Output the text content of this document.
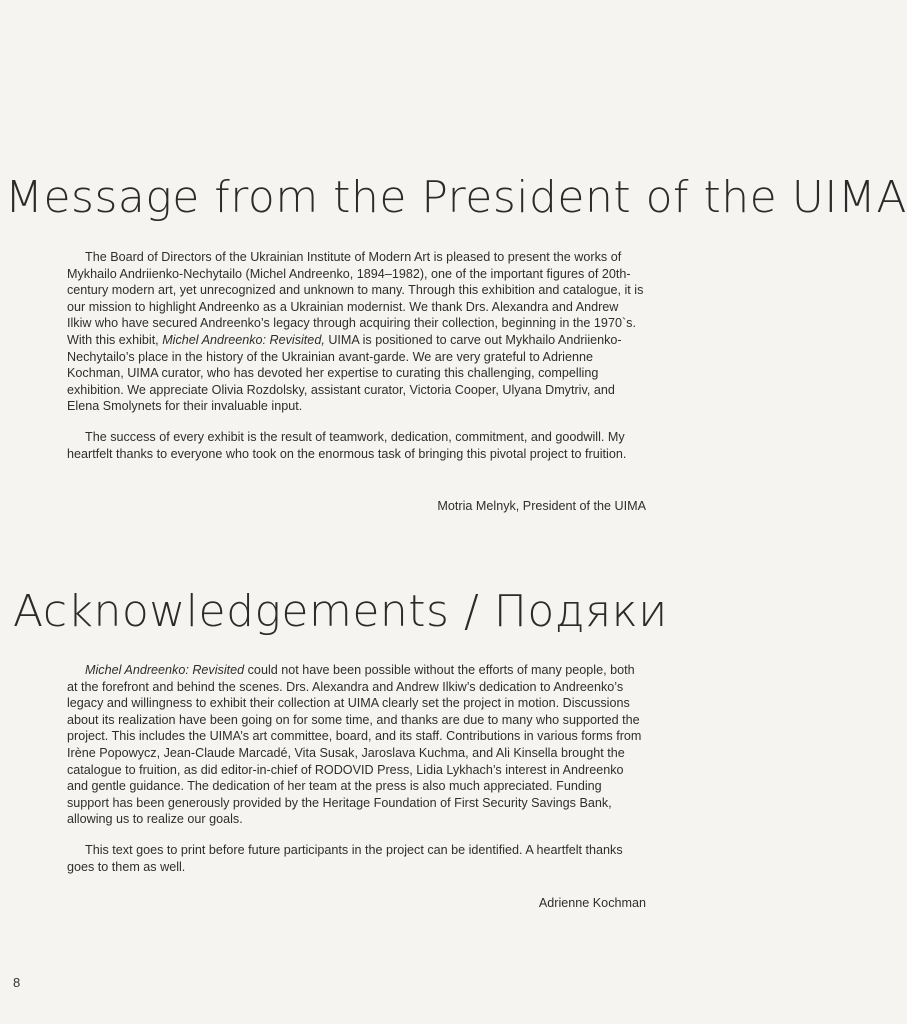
Message from the President of the UIMA

The Board of Directors of the Ukrainian Institute of Modern Art is pleased to present the works of Mykhailo Andriienko-Nechytailo (Michel Andreenko, 1894–1982), one of the important figures of 20th-century modern art, yet unrecognized and unknown to many. Through this exhibition and catalogue, it is our mission to highlight Andreenko as a Ukrainian modernist. We thank Drs. Alexandra and Andrew Ilkiw who have secured Andreenko’s legacy through acquiring their collection, beginning in the 1970`s. With this exhibit, Michel Andreenko: Revisited, UIMA is positioned to carve out Mykhailo Andriienko-Nechytailo’s place in the history of the Ukrainian avant-garde. We are very grateful to Adrienne Kochman, UIMA curator, who has devoted her expertise to curating this challenging, compelling exhibition. We appreciate Olivia Rozdolsky, assistant curator, Victoria Cooper, Ulyana Dmytriv, and Elena Smolynets for their invaluable input.

The success of every exhibit is the result of teamwork, dedication, commitment, and goodwill. My heartfelt thanks to everyone who took on the enormous task of bringing this pivotal project to fruition.

Motria Melnyk, President of the UIMA
Acknowledgements / Подяки

Michel Andreenko: Revisited could not have been possible without the efforts of many people, both at the forefront and behind the scenes. Drs. Alexandra and Andrew Ilkiw’s dedication to Andreenko’s legacy and willingness to exhibit their collection at UIMA clearly set the project in motion. Discussions about its realization have been going on for some time, and thanks are due to many who supported the project. This includes the UIMA’s art committee, board, and its staff. Contributions in various forms from Irène Popowycz, Jean-Claude Marcadé, Vita Susak, Jaroslava Kuchma, and Ali Kinsella brought the catalogue to fruition, as did editor-in-chief of RODOVID Press, Lidia Lykhach’s interest in Andreenko and gentle guidance. The dedication of her team at the press is also much appreciated. Funding support has been generously provided by the Heritage Foundation of First Security Savings Bank, allowing us to realize our goals.

This text goes to print before future participants in the project can be identified. A heartfelt thanks goes to them as well.

Adrienne Kochman
8
